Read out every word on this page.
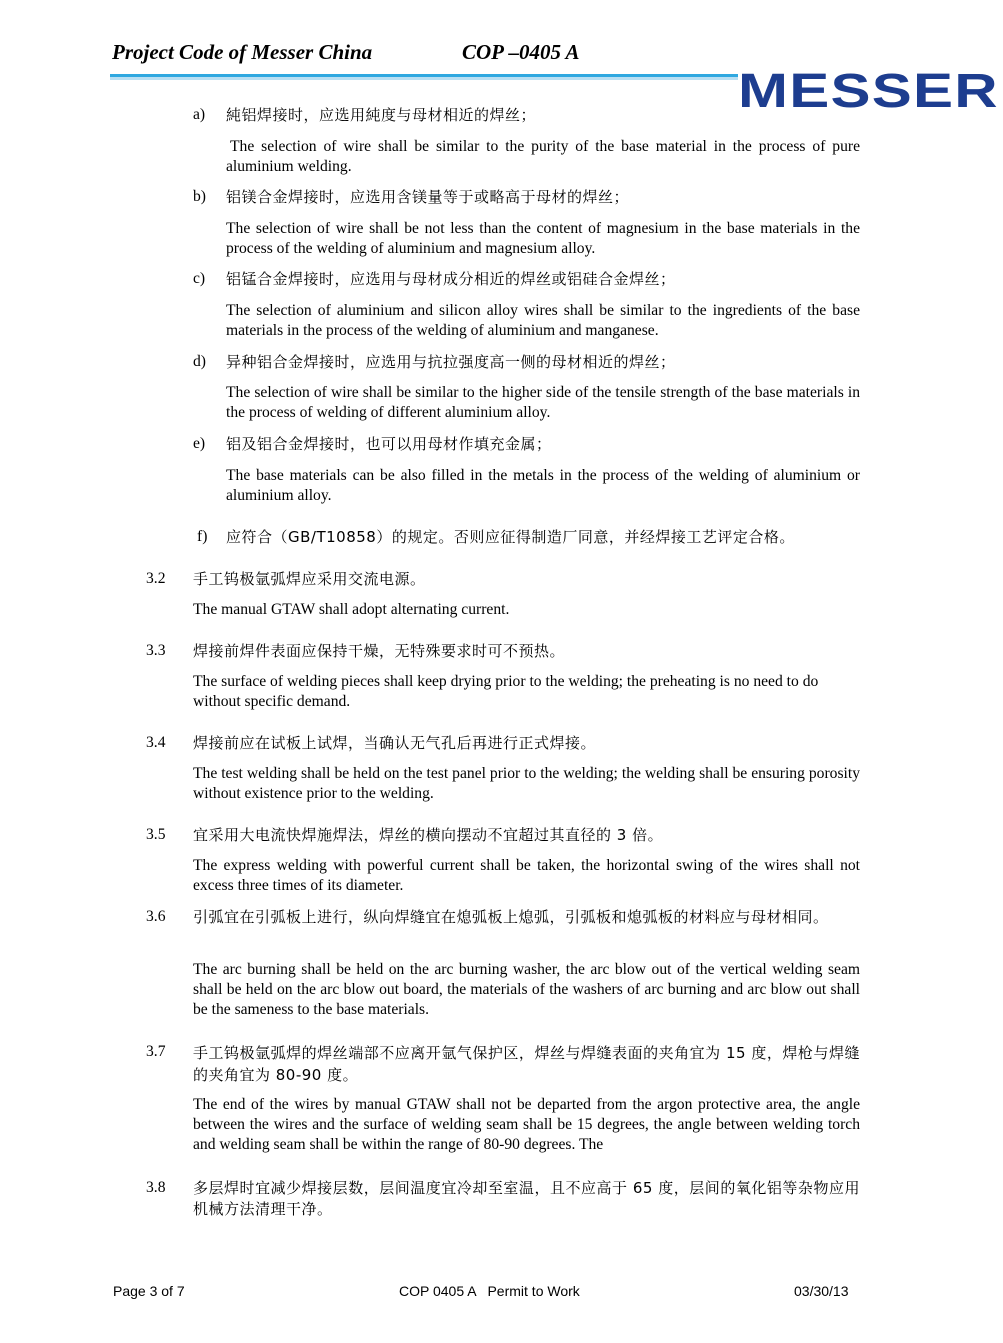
Project Code of Messer China	COP –0405 A
MESSER
a) 純铝焊接时，应选用純度与母材相近的焊丝；
The selection of wire shall be similar to the purity of the base material in the process of pure aluminium welding.
b) 铝镁合金焊接时，应选用含镁量等于或略高于母材的焊丝；
The selection of wire shall be not less than the content of magnesium in the base materials in the process of the welding of aluminium and magnesium alloy.
c) 铝锰合金焊接时，应选用与母材成分相近的焊丝或铝硅合金焊丝；
The selection of aluminium and silicon alloy wires shall be similar to the ingredients of the base materials in the process of the welding of aluminium and manganese.
d) 异种铝合金焊接时，应选用与抗拉强度高一侧的母材相近的焊丝；
The selection of wire shall be similar to the higher side of the tensile strength of the base materials in the process of welding of different aluminium alloy.
e) 铝及铝合金焊接时，也可以用母材作填充金属；
The base materials can be also filled in the metals in the process of the welding of aluminium or aluminium alloy.
f) 应符合（GB/T10858）的规定。否则应征得制造厂同意，并经焊接工艺评定合格。
3.2 手工钨极氩弧焊应采用交流电源。
The manual GTAW shall adopt alternating current.
3.3 焊接前焊件表面应保持干燥，无特殊要求时可不预热。
The surface of welding pieces shall keep drying prior to the welding; the preheating is no need to do without specific demand.
3.4 焊接前应在试板上试焊，当确认无气孔后再进行正式焊接。
The test welding shall be held on the test panel prior to the welding; the welding shall be ensuring porosity without existence prior to the welding.
3.5 宜采用大电流快焊施焊法，焊丝的横向摆动不宜超过其直径的 3 倍。
The express welding with powerful current shall be taken, the horizontal swing of the wires shall not excess three times of its diameter.
3.6 引弧宜在引弧板上进行，纵向焊缝宜在熄弧板上熄弧，引弧板和熄弧板的材料应与母材相同。
The arc burning shall be held on the arc burning washer, the arc blow out of the vertical welding seam shall be held on the arc blow out board, the materials of the washers of arc burning and arc blow out shall be the sameness to the base materials.
3.7 手工钨极氩弧焊的焊丝端部不应离开氩气保护区，焊丝与焊缝表面的夹角宜为 15 度，焊枪与焊缝的夹角宜为 80-90 度。
The end of the wires by manual GTAW shall not be departed from the argon protective area, the angle between the wires and the surface of welding seam shall be 15 degrees, the angle between welding torch and welding seam shall be within the range of 80-90 degrees. The
3.8 多层焊时宜减少焊接层数，层间温度宜冷却至室温，且不应高于 65 度，层间的氧化铝等杂物应用机械方法清理干净。
Page 3 of 7	COP 0405 A   Permit to Work	03/30/13
